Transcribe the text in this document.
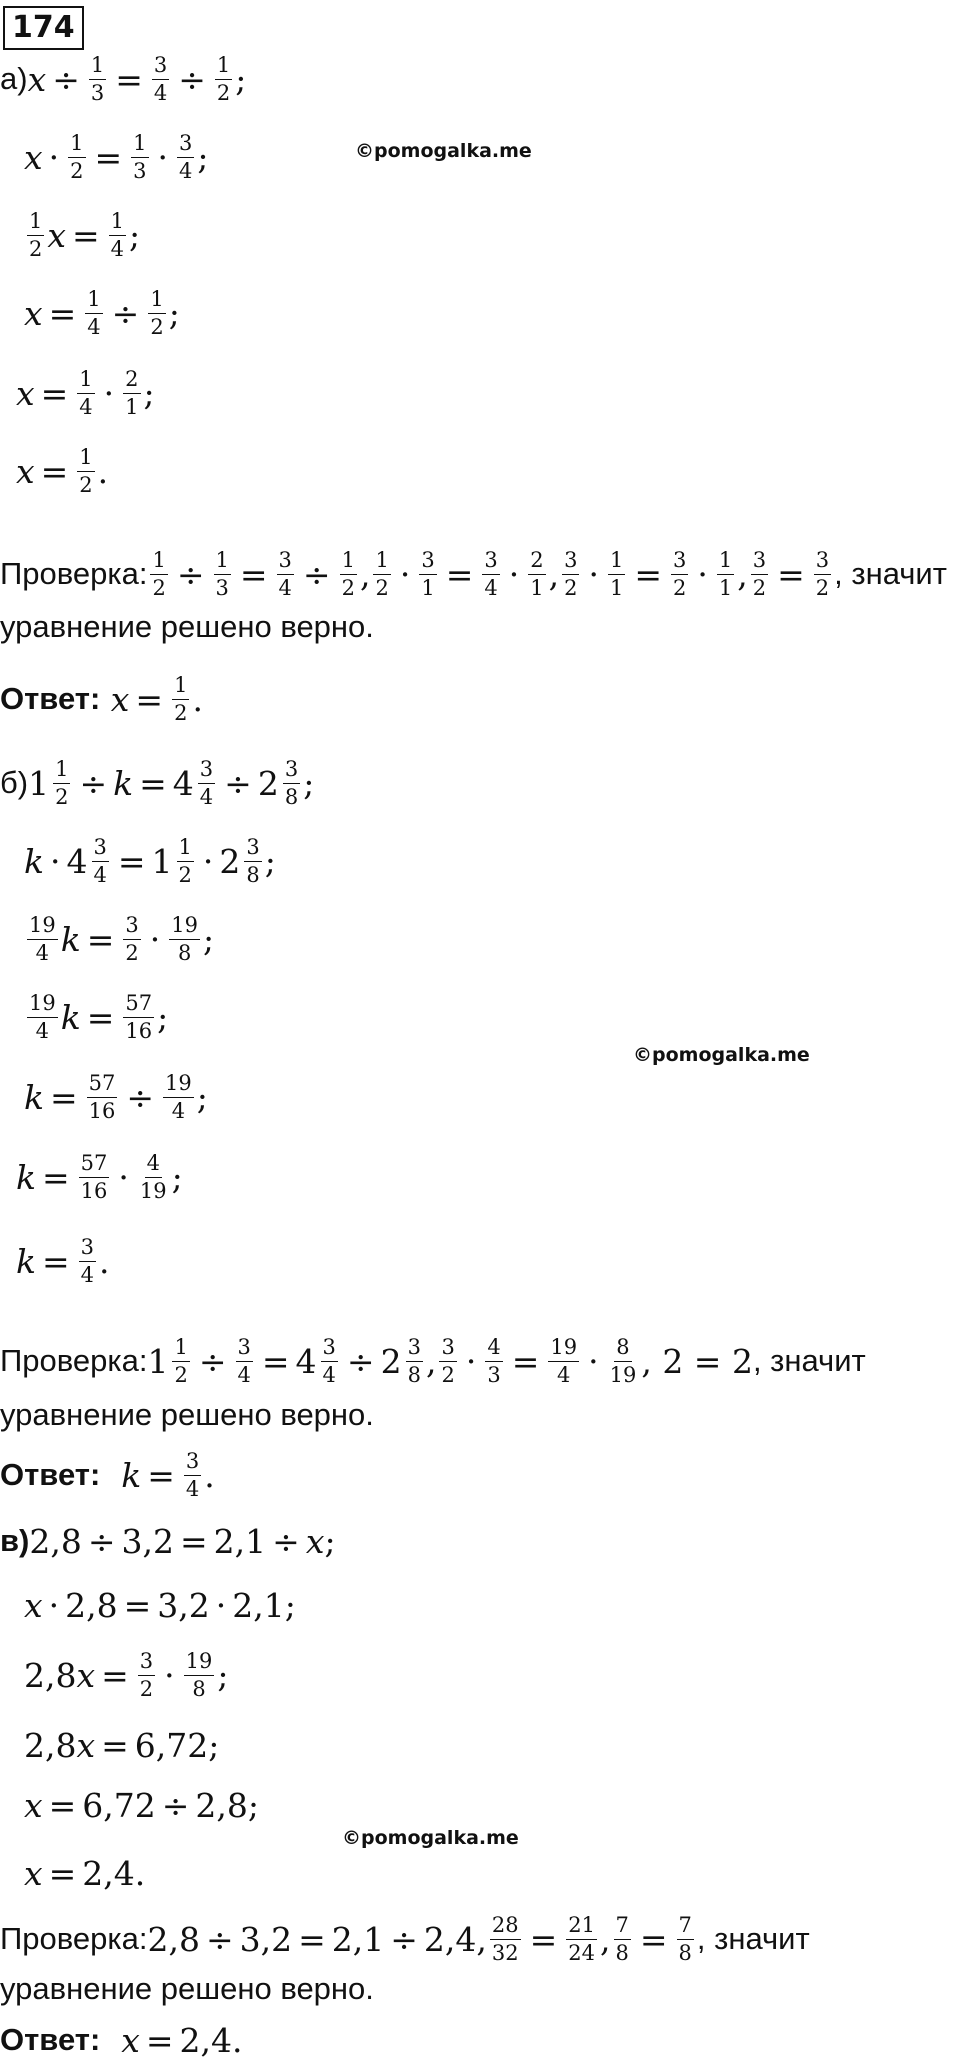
174
а) $x \div \frac{1}{3} = \frac{3}{4} \div \frac{1}{2}$ ;
©pomogalka.me
$x \cdot \frac{1}{2} = \frac{1}{3} \cdot \frac{3}{4}$ ;
$\frac{1}{2}$ $x = \frac{1}{4}$ ;
$x = \frac{1}{4} \div \frac{1}{2}$ ;
$x = \frac{1}{4} \cdot \frac{2}{1}$ ;
$x = \frac{1}{2}$ .
Проверка: $\frac{1}{2} \div \frac{1}{3} = \frac{3}{4} \div \frac{1}{2}$ , $\frac{1}{2} \cdot \frac{3}{1} = \frac{3}{4} \cdot \frac{2}{1}$ , $\frac{3}{2} \cdot \frac{1}{1} = \frac{3}{2} \cdot \frac{1}{1}$ , $\frac{3}{2} = \frac{3}{2}$ , значит
уравнение решено верно.
Ответ:
$x = \frac{1}{2}$ .
б) $1 \frac{1}{2} \div k = 4 \frac{3}{4} \div 2 \frac{3}{8}$ ;
$k \cdot 4 \frac{3}{4} = 1 \frac{1}{2} \cdot 2 \frac{3}{8}$ ;
$\frac{19}{4}$ $k = \frac{3}{2} \cdot \frac{19}{8}$ ;
$\frac{19}{4}$ $k = \frac{57}{16}$ ;
©pomogalka.me
$k = \frac{57}{16} \div \frac{19}{4}$ ;
$k = \frac{57}{16} \cdot \frac{4}{19}$ ;
$k = \frac{3}{4}$ .
Проверка: $1 \frac{1}{2} \div \frac{3}{4} = 4 \frac{3}{4} \div 2 \frac{3}{8}$ , $\frac{3}{2} \cdot \frac{4}{3} = \frac{19}{4} \cdot \frac{8}{19}$ ,
2 = 2 , значит
уравнение решено верно.
Ответ:
$k = \frac{3}{4}$ .
в) 2,8 ÷ 3,2 = 2,1 ÷ x ;
x · 2,8 = 3,2 · 2,1 ;
2,8 $x = \frac{3}{2} \cdot \frac{19}{8}$ ;
2,8 x = 6,72 ;
x = 6,72 ÷ 2,8 ;
©pomogalka.me
x = 2,4 .
Проверка: 2,8 ÷ 3,2 = 2,1 ÷ 2,4 , $\frac{28}{32} = \frac{21}{24}$ , $\frac{7}{8} = \frac{7}{8}$ , значит
уравнение решено верно.
Ответ:
x = 2,4 .
